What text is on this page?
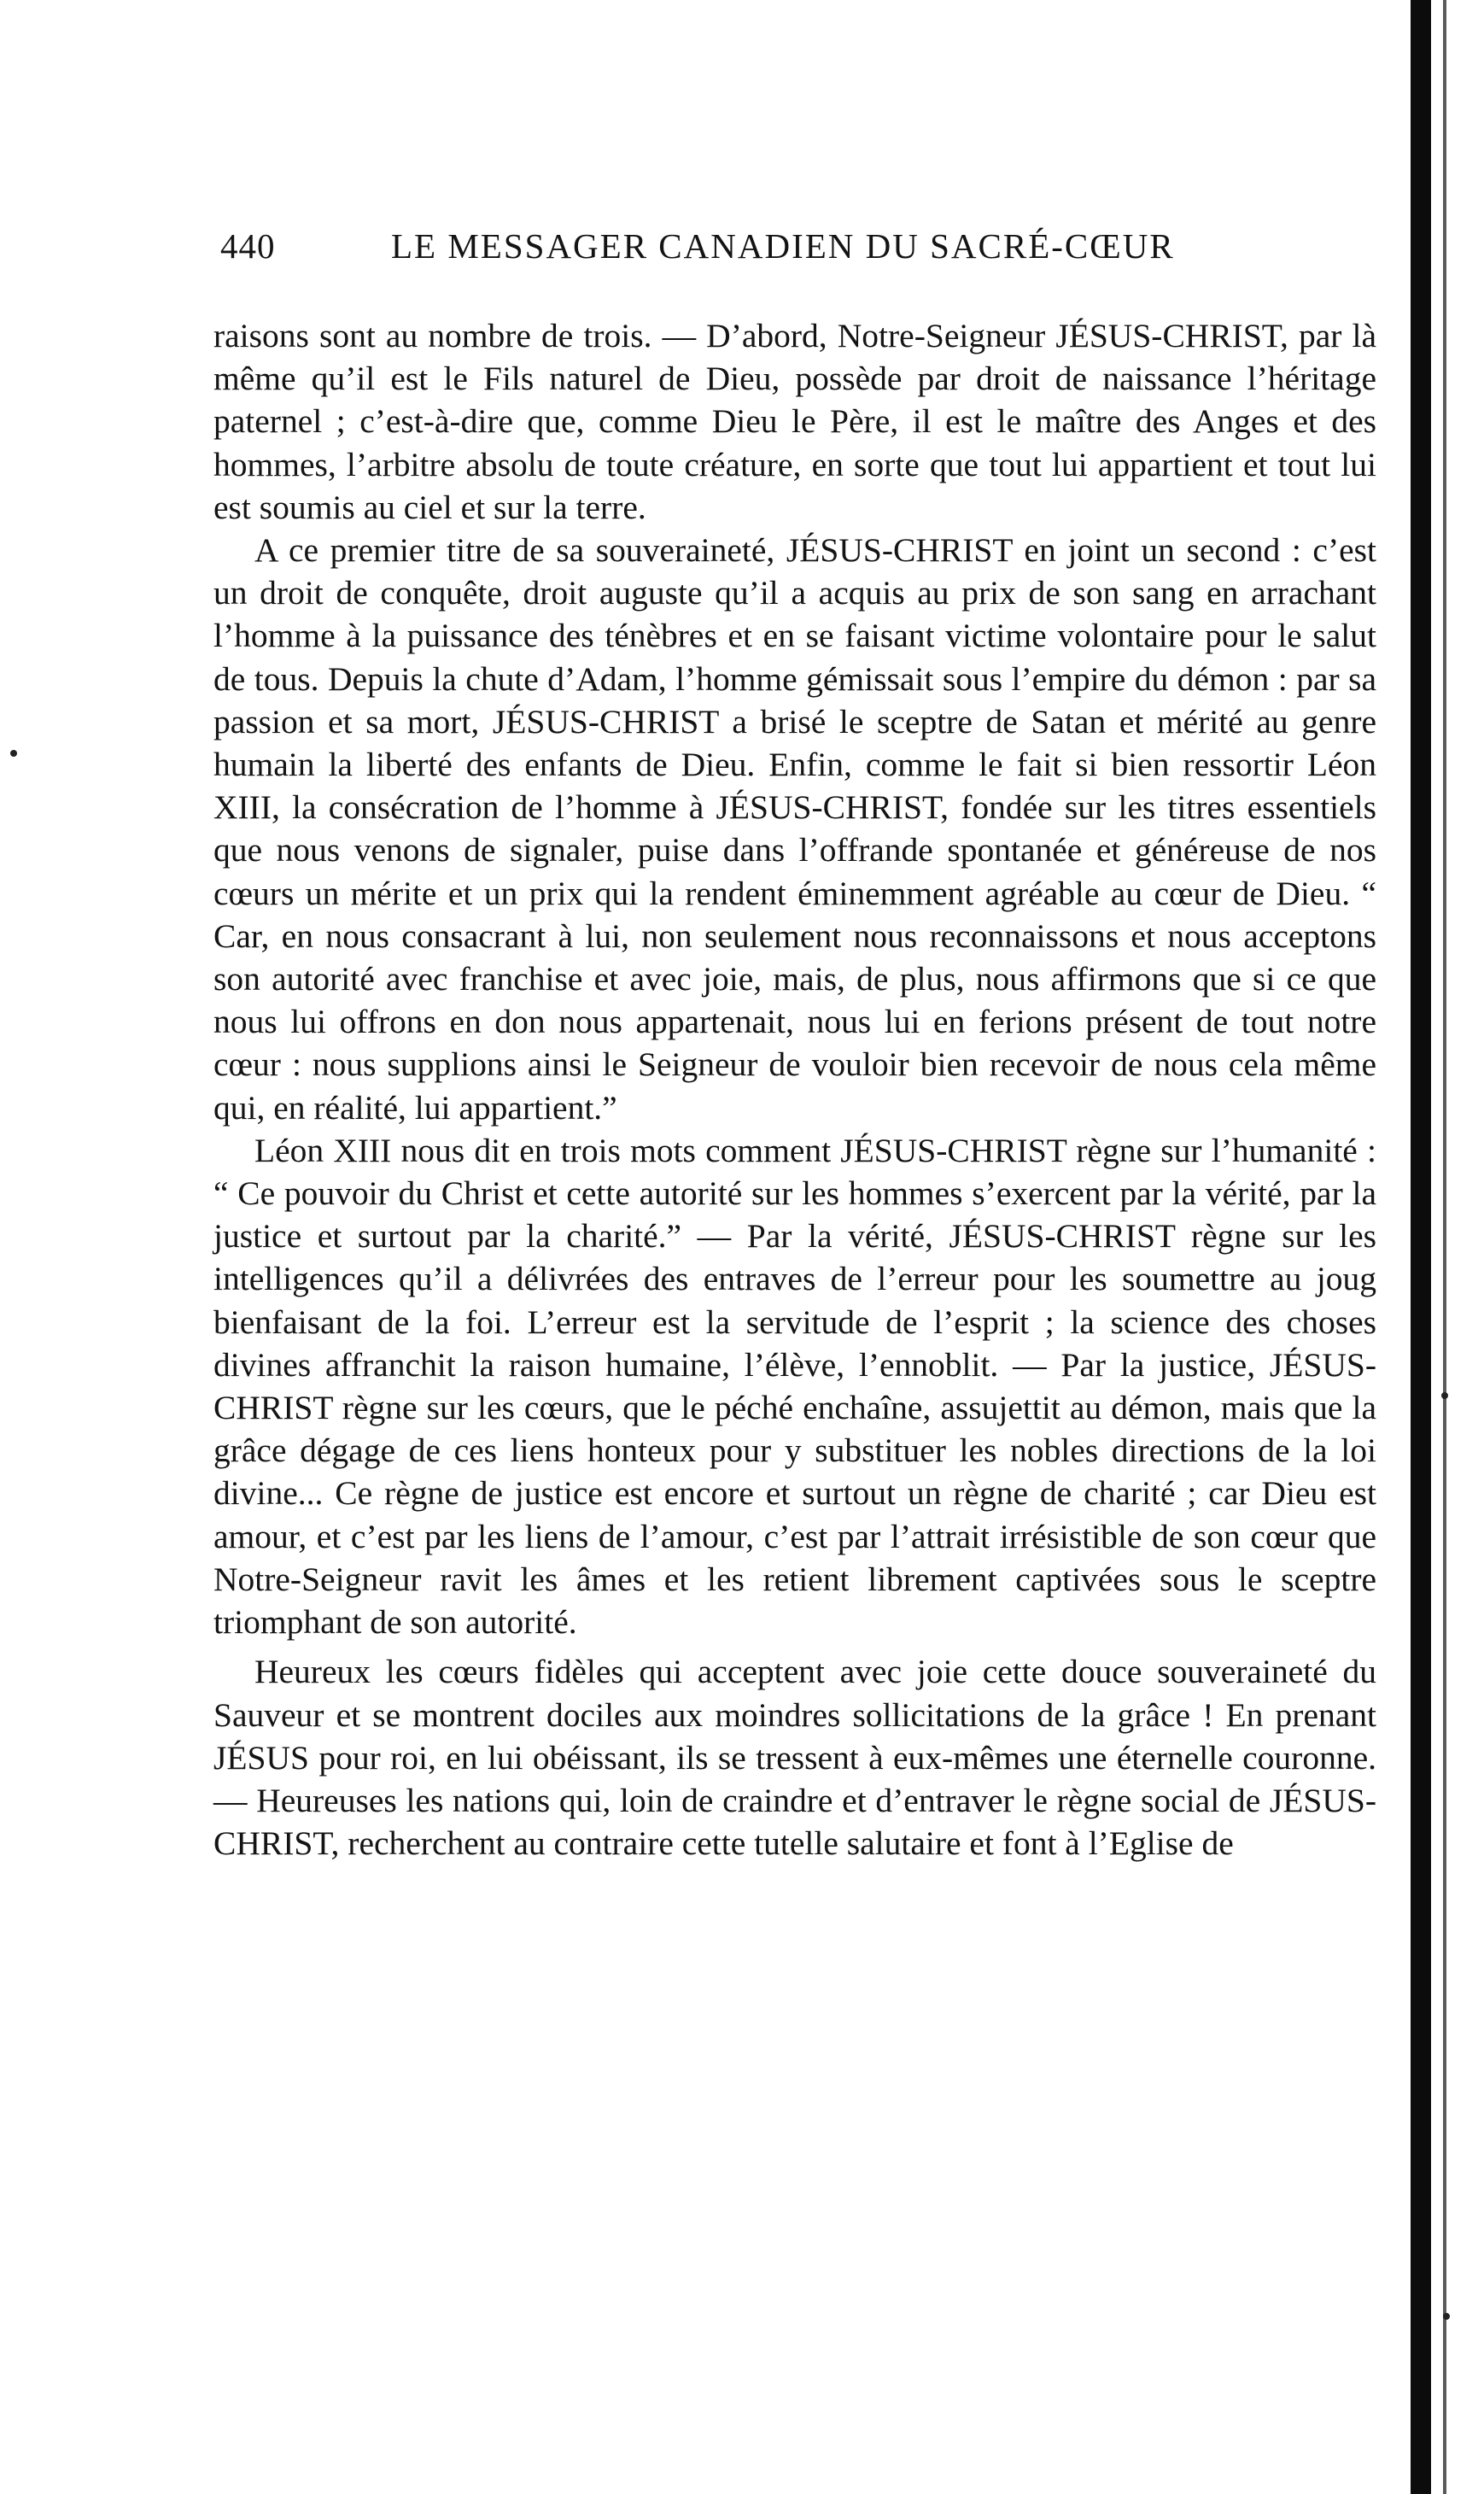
440	LE MESSAGER CANADIEN DU SACRÉ-CŒUR

raisons sont au nombre de trois. — D’abord, Notre-Seigneur JÉSUS-CHRIST, par là même qu’il est le Fils naturel de Dieu, possède par droit de naissance l’héritage paternel ; c’est-à-dire que, comme Dieu le Père, il est le maître des Anges et des hommes, l’arbitre absolu de toute créature, en sorte que tout lui appartient et tout lui est soumis au ciel et sur la terre.

A ce premier titre de sa souveraineté, JÉSUS-CHRIST en joint un second : c’est un droit de conquête, droit auguste qu’il a acquis au prix de son sang en arrachant l’homme à la puissance des ténèbres et en se faisant victime volontaire pour le salut de tous. Depuis la chute d’Adam, l’homme gémissait sous l’empire du démon : par sa passion et sa mort, JÉSUS-CHRIST a brisé le sceptre de Satan et mérité au genre humain la liberté des enfants de Dieu. Enfin, comme le fait si bien ressortir Léon XIII, la consécration de l’homme à JÉSUS-CHRIST, fondée sur les titres essentiels que nous venons de signaler, puise dans l’offrande spontanée et généreuse de nos cœurs un mérite et un prix qui la rendent éminemment agréable au cœur de Dieu. “ Car, en nous consacrant à lui, non seulement nous reconnaissons et nous acceptons son autorité avec franchise et avec joie, mais, de plus, nous affirmons que si ce que nous lui offrons en don nous appartenait, nous lui en ferions présent de tout notre cœur : nous supplions ainsi le Seigneur de vouloir bien recevoir de nous cela même qui, en réalité, lui appartient.”

Léon XIII nous dit en trois mots comment JÉSUS-CHRIST règne sur l’humanité : “ Ce pouvoir du Christ et cette autorité sur les hommes s’exercent par la vérité, par la justice et surtout par la charité.” — Par la vérité, JÉSUS-CHRIST règne sur les intelligences qu’il a délivrées des entraves de l’erreur pour les soumettre au joug bienfaisant de la foi. L’erreur est la servitude de l’esprit ; la science des choses divines affranchit la raison humaine, l’élève, l’ennoblit. — Par la justice, JÉSUS-CHRIST règne sur les cœurs, que le péché enchaîne, assujettit au démon, mais que la grâce dégage de ces liens honteux pour y substituer les nobles directions de la loi divine... Ce règne de justice est encore et surtout un règne de charité ; car Dieu est amour, et c’est par les liens de l’amour, c’est par l’attrait irrésistible de son cœur que Notre-Seigneur ravit les âmes et les retient librement captivées sous le sceptre triomphant de son autorité.

Heureux les cœurs fidèles qui acceptent avec joie cette douce souveraineté du Sauveur et se montrent dociles aux moindres sollicitations de la grâce ! En prenant JÉSUS pour roi, en lui obéissant, ils se tressent à eux-mêmes une éternelle couronne. — Heureuses les nations qui, loin de craindre et d’entraver le règne social de JÉSUS-CHRIST, recherchent au contraire cette tutelle salutaire et font à l’Eglise de
